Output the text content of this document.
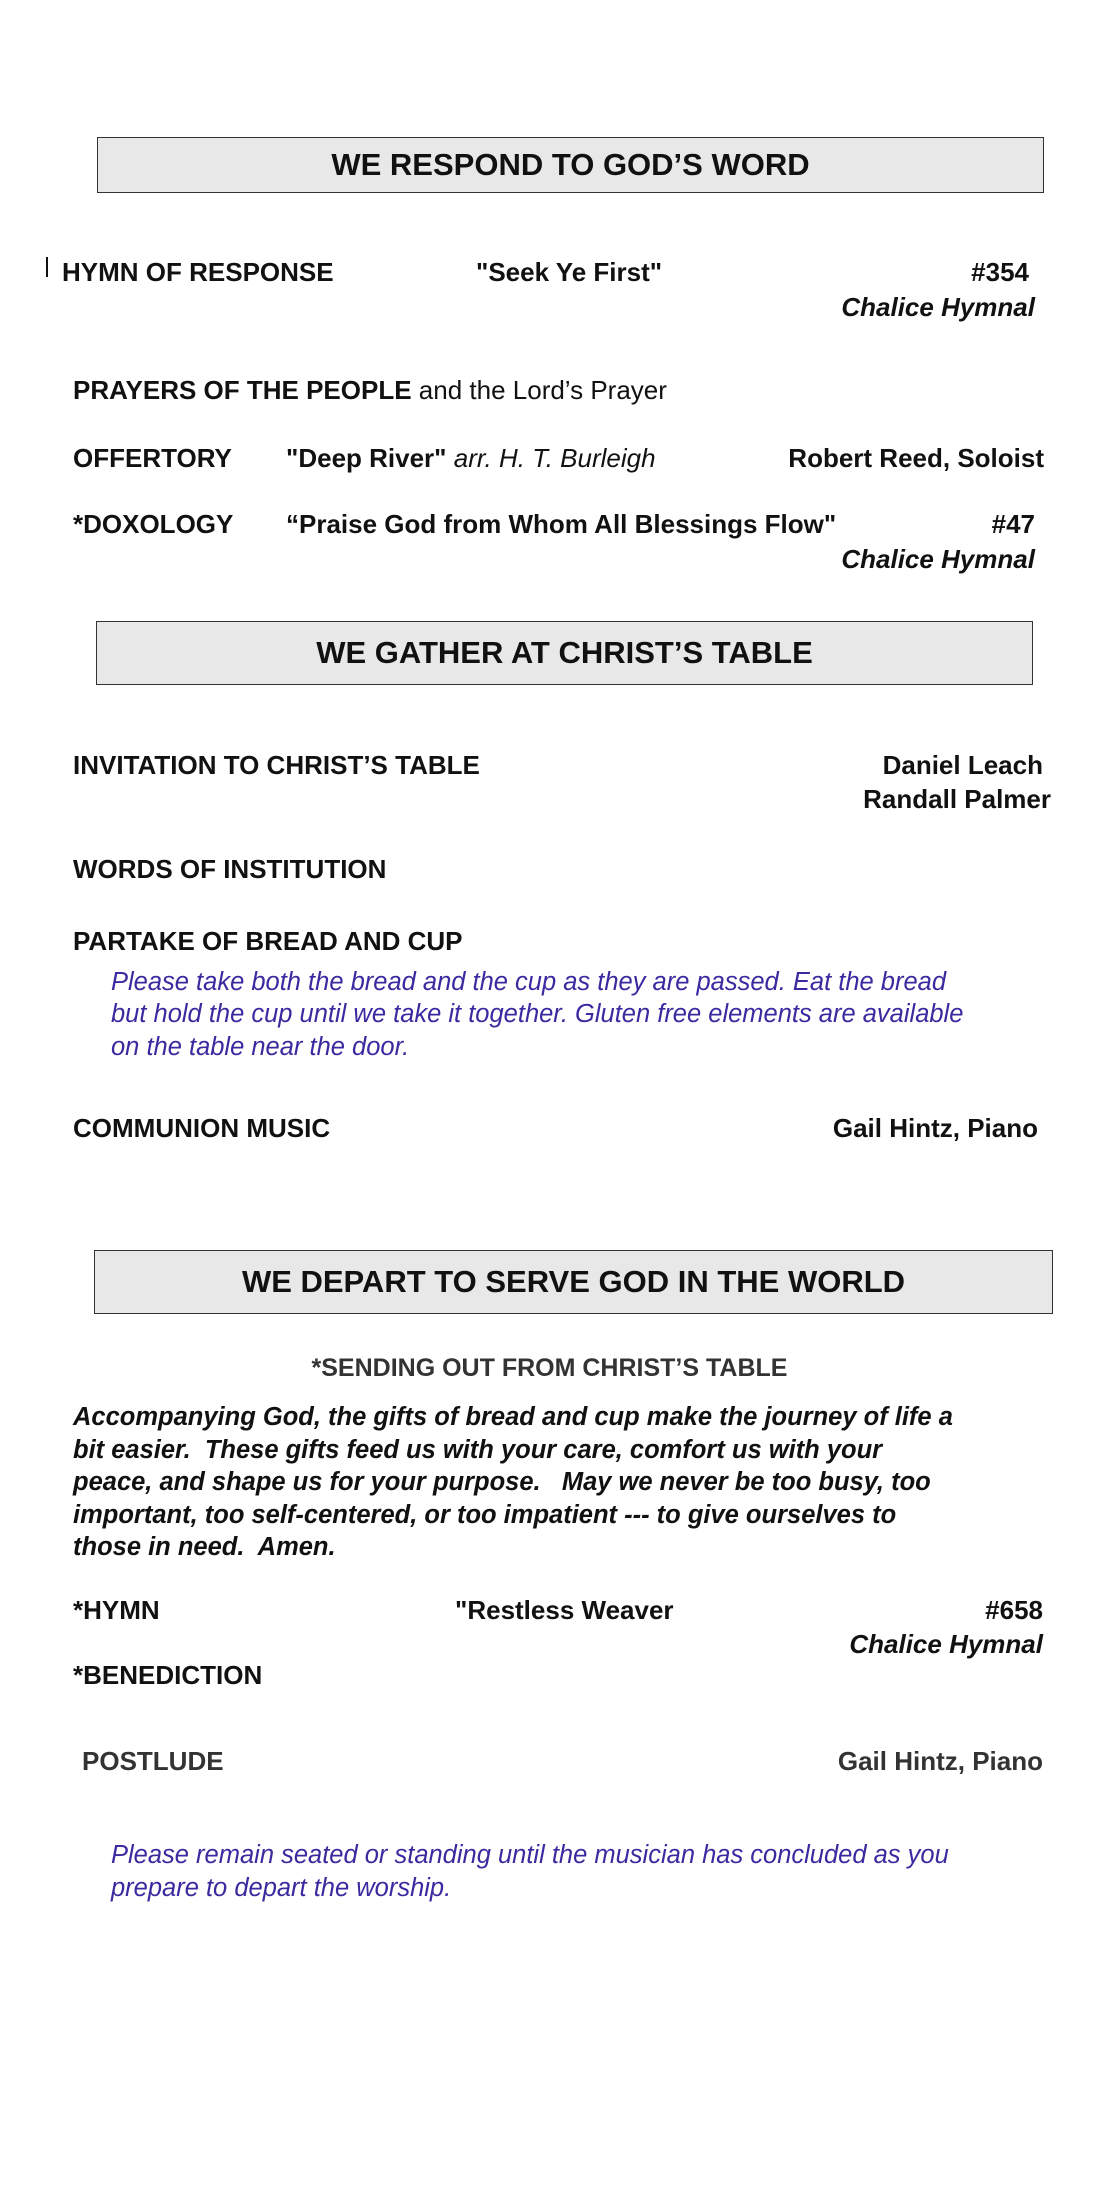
WE RESPOND TO GOD’S WORD
HYMN OF RESPONSE	"Seek Ye First"	#354
Chalice Hymnal
PRAYERS OF THE PEOPLE and the Lord’s Prayer
OFFERTORY "Deep River" arr. H. T. Burleigh	Robert Reed, Soloist
*DOXOLOGY “Praise God from Whom All Blessings Flow"	#47
Chalice Hymnal
WE GATHER AT CHRIST’S TABLE
INVITATION TO CHRIST’S TABLE	Daniel Leach
Randall Palmer
WORDS OF INSTITUTION
PARTAKE OF BREAD AND CUP
Please take both the bread and the cup as they are passed. Eat the bread
but hold the cup until we take it together. Gluten free elements are available
on the table near the door.
COMMUNION MUSIC	Gail Hintz, Piano
WE DEPART TO SERVE GOD IN THE WORLD
*SENDING OUT FROM CHRIST’S TABLE
Accompanying God, the gifts of bread and cup make the journey of life a
bit easier.  These gifts feed us with your care, comfort us with your
peace, and shape us for your purpose.   May we never be too busy, too
important, too self-centered, or too impatient --- to give ourselves to
those in need.  Amen.
*HYMN	"Restless Weaver	#658
Chalice Hymnal
*BENEDICTION
POSTLUDE	Gail Hintz, Piano
Please remain seated or standing until the musician has concluded as you
prepare to depart the worship.
